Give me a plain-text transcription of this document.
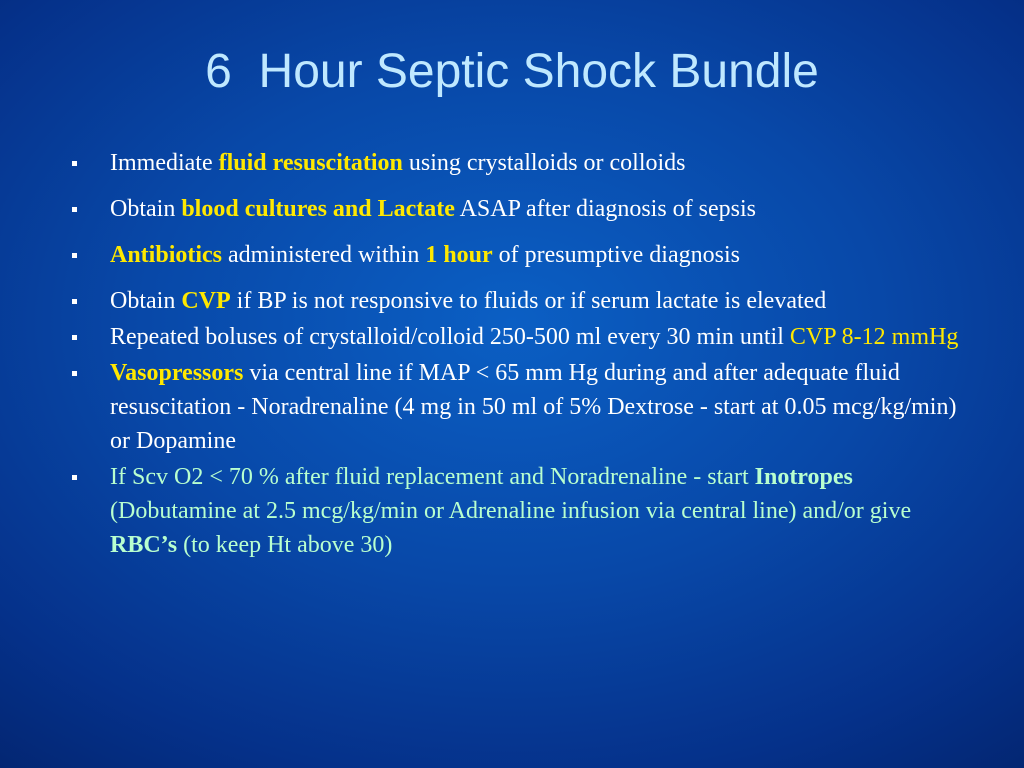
6  Hour Septic Shock Bundle
Immediate fluid resuscitation using crystalloids or colloids
Obtain blood cultures and Lactate ASAP after diagnosis of sepsis
Antibiotics administered within 1 hour of presumptive diagnosis
Obtain CVP if BP is not responsive to fluids or if serum lactate is elevated
Repeated boluses of crystalloid/colloid 250-500 ml every 30 min until CVP 8-12 mmHg
Vasopressors via central line if MAP < 65 mm Hg during and after adequate fluid resuscitation - Noradrenaline (4 mg in 50 ml of 5% Dextrose - start at 0.05 mcg/kg/min) or Dopamine
If Scv O2 < 70 % after fluid replacement and Noradrenaline - start Inotropes (Dobutamine at 2.5 mcg/kg/min or Adrenaline infusion via central line) and/or give RBC’s (to keep Ht above 30)
